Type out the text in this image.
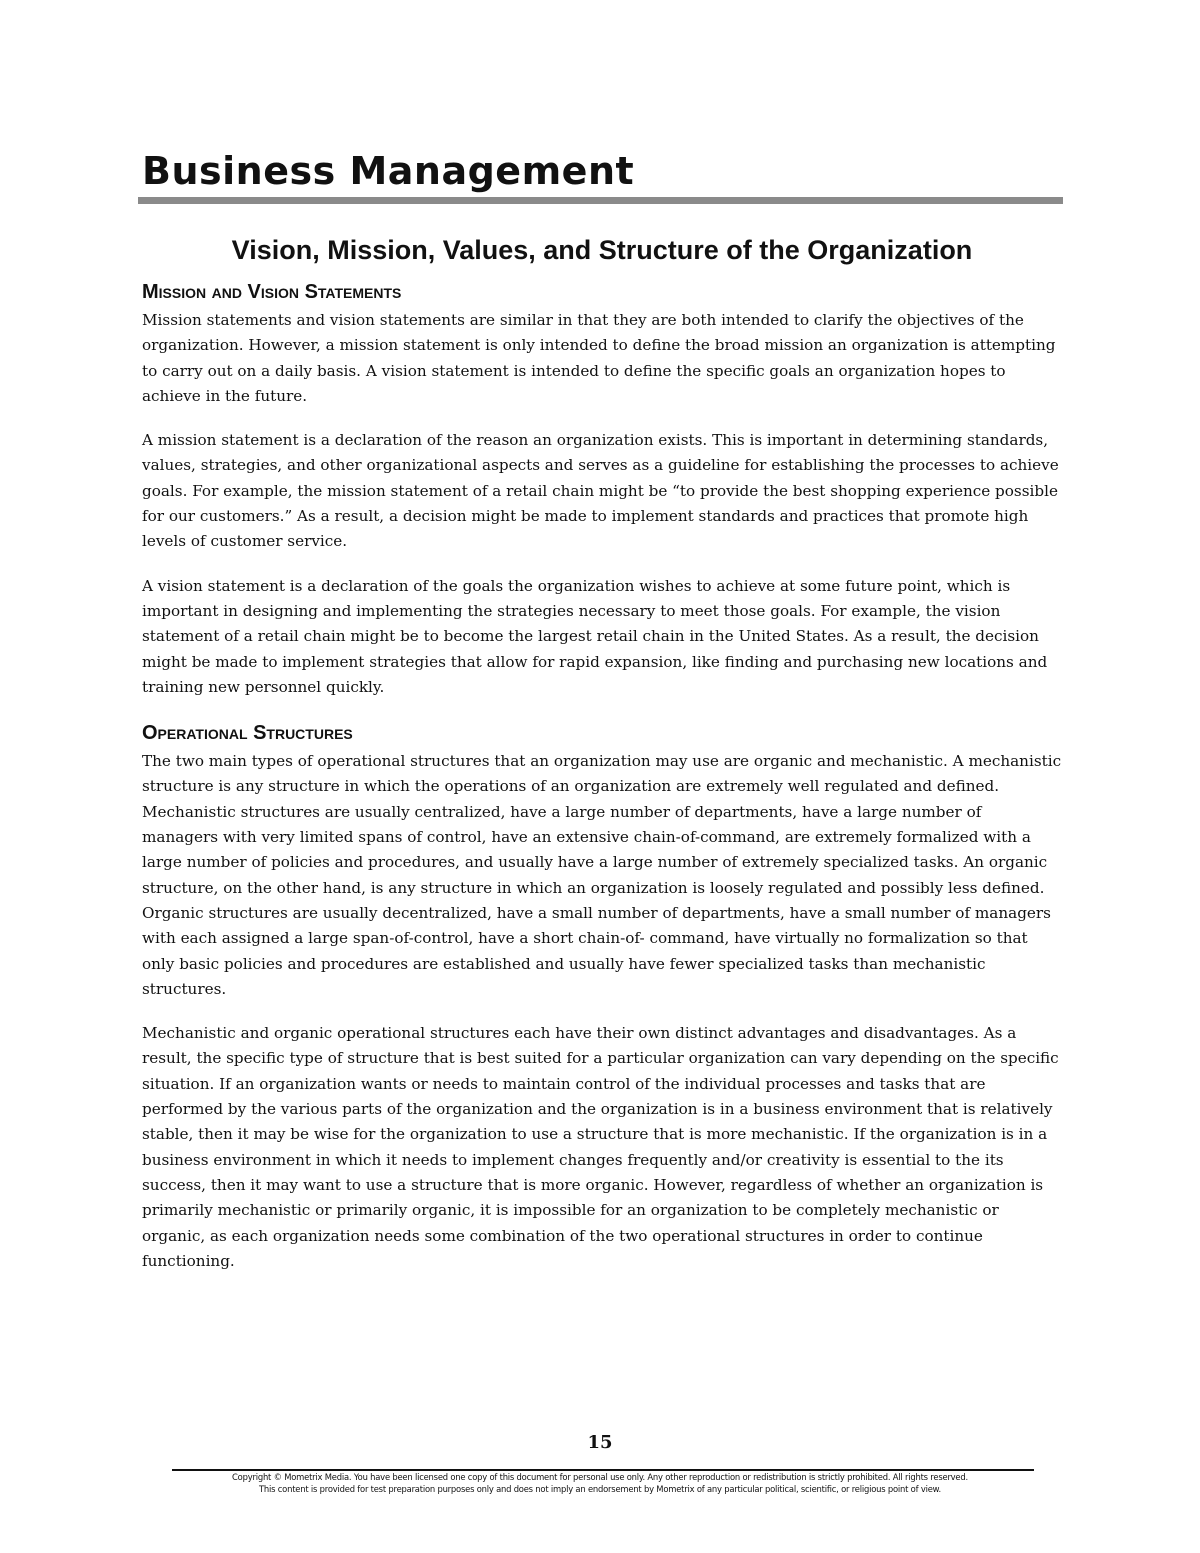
Business Management
Vision, Mission, Values, and Structure of the Organization
Mission and Vision Statements

Mission statements and vision statements are similar in that they are both intended to clarify the objectives of the organization. However, a mission statement is only intended to define the broad mission an organization is attempting to carry out on a daily basis. A vision statement is intended to define the specific goals an organization hopes to achieve in the future.

A mission statement is a declaration of the reason an organization exists. This is important in determining standards, values, strategies, and other organizational aspects and serves as a guideline for establishing the processes to achieve goals. For example, the mission statement of a retail chain might be “to provide the best shopping experience possible for our customers.” As a result, a decision might be made to implement standards and practices that promote high levels of customer service.

A vision statement is a declaration of the goals the organization wishes to achieve at some future point, which is important in designing and implementing the strategies necessary to meet those goals. For example, the vision statement of a retail chain might be to become the largest retail chain in the United States. As a result, the decision might be made to implement strategies that allow for rapid expansion, like finding and purchasing new locations and training new personnel quickly.

Operational Structures

The two main types of operational structures that an organization may use are organic and mechanistic. A mechanistic structure is any structure in which the operations of an organization are extremely well regulated and defined. Mechanistic structures are usually centralized, have a large number of departments, have a large number of managers with very limited spans of control, have an extensive chain-of-command, are extremely formalized with a large number of policies and procedures, and usually have a large number of extremely specialized tasks. An organic structure, on the other hand, is any structure in which an organization is loosely regulated and possibly less defined. Organic structures are usually decentralized, have a small number of departments, have a small number of managers with each assigned a large span-of-control, have a short chain-of- command, have virtually no formalization so that only basic policies and procedures are established and usually have fewer specialized tasks than mechanistic structures.

Mechanistic and organic operational structures each have their own distinct advantages and disadvantages. As a result, the specific type of structure that is best suited for a particular organization can vary depending on the specific situation. If an organization wants or needs to maintain control of the individual processes and tasks that are performed by the various parts of the organization and the organization is in a business environment that is relatively stable, then it may be wise for the organization to use a structure that is more mechanistic. If the organization is in a business environment in which it needs to implement changes frequently and/or creativity is essential to the its success, then it may want to use a structure that is more organic. However, regardless of whether an organization is primarily mechanistic or primarily organic, it is impossible for an organization to be completely mechanistic or organic, as each organization needs some combination of the two operational structures in order to continue functioning.

15
Copyright © Mometrix Media. You have been licensed one copy of this document for personal use only. Any other reproduction or redistribution is strictly prohibited. All rights reserved.
This content is provided for test preparation purposes only and does not imply an endorsement by Mometrix of any particular political, scientific, or religious point of view.
